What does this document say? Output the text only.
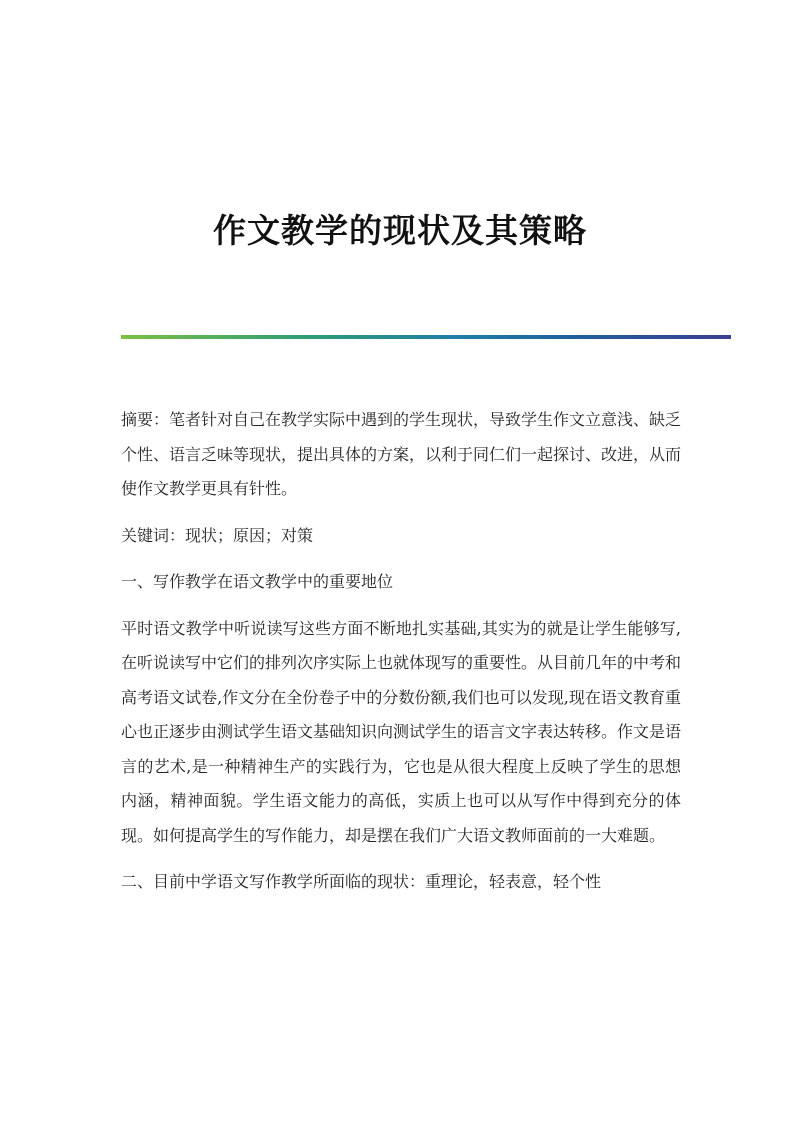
作文教学的现状及其策略

摘要：笔者针对自己在教学实际中遇到的学生现状，导致学生作文立意浅、缺乏个性、语言乏味等现状，提出具体的方案，以利于同仁们一起探讨、改进，从而使作文教学更具有针性。

关键词：现状；原因；对策

一、写作教学在语文教学中的重要地位

平时语文教学中听说读写这些方面不断地扎实基础,其实为的就是让学生能够写,在听说读写中它们的排列次序实际上也就体现写的重要性。从目前几年的中考和高考语文试卷,作文分在全份卷子中的分数份额,我们也可以发现,现在语文教育重心也正逐步由测试学生语文基础知识向测试学生的语言文字表达转移。作文是语言的艺术,是一种精神生产的实践行为，它也是从很大程度上反映了学生的思想内涵，精神面貌。学生语文能力的高低，实质上也可以从写作中得到充分的体现。如何提高学生的写作能力，却是摆在我们广大语文教师面前的一大难题。

二、目前中学语文写作教学所面临的现状：重理论，轻表意，轻个性
